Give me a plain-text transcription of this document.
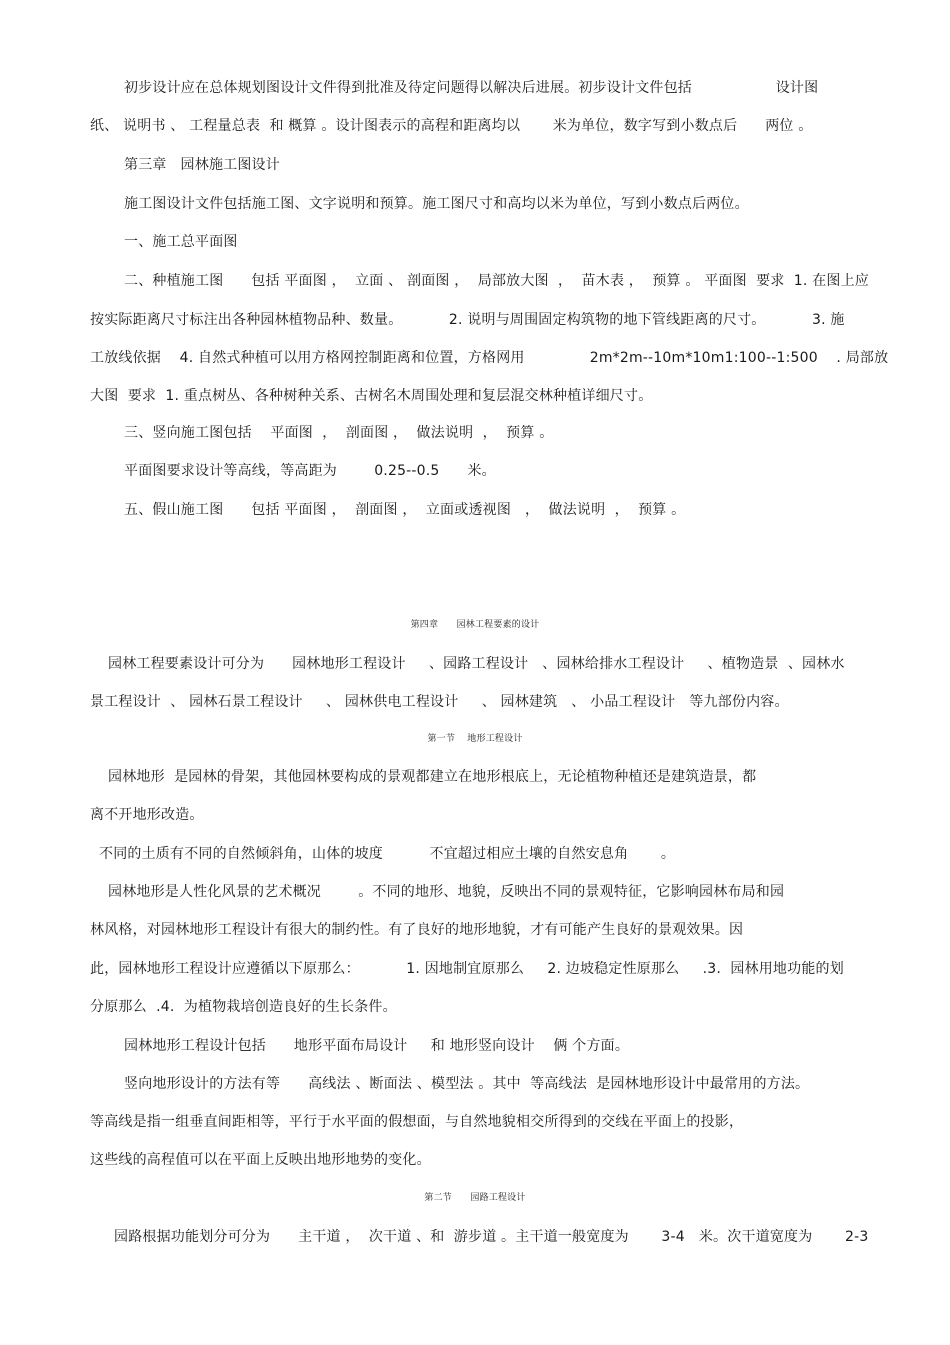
初步设计应在总体规划图设计文件得到批准及待定问题得以解决后进展。初步设计文件包括                  设计图
纸、 说明书 、 工程量总表  和 概算 。设计图表示的高程和距离均以       米为单位，数字写到小数点后      两位 。
第三章   园林施工图设计
施工图设计文件包括施工图、文字说明和预算。施工图尺寸和高均以米为单位，写到小数点后两位。
一、施工总平面图
二、种植施工图      包括 平面图 ，  立面 、 剖面图 ，  局部放大图  ，  苗木表 ，  预算 。 平面图  要求  1. 在图上应
按实际距离尺寸标注出各种园林植物品种、数量。          2. 说明与周围固定构筑物的地下管线距离的尺寸。          3. 施
工放线依据    4. 自然式种植可以用方格网控制距离和位置，方格网用              2m*2m--10m*10m1:100--1:500    . 局部放
大图  要求  1. 重点树丛、各种树种关系、古树名木周围处理和复层混交林种植详细尺寸。
三、竖向施工图包括    平面图  ，  剖面图 ，  做法说明  ，  预算 。
平面图要求设计等高线，等高距为        0.25--0.5      米。
五、假山施工图      包括 平面图 ，  剖面图 ，  立面或透视图   ，  做法说明  ，  预算 。
第四章      园林工程要素的设计
园林工程要素设计可分为      园林地形工程设计     、园路工程设计   、园林给排水工程设计     、植物造景  、园林水
景工程设计  、 园林石景工程设计     、 园林供电工程设计     、 园林建筑   、 小品工程设计   等九部份内容。
第一节    地形工程设计
园林地形  是园林的骨架，其他园林要构成的景观都建立在地形根底上，无论植物种植还是建筑造景，都
离不开地形改造。
不同的土质有不同的自然倾斜角，山体的坡度          不宜超过相应土壤的自然安息角       。
园林地形是人性化风景的艺术概况        。不同的地形、地貌，反映出不同的景观特征，它影响园林布局和园
林风格，对园林地形工程设计有很大的制约性。有了良好的地形地貌，才有可能产生良好的景观效果。因
此，园林地形工程设计应遵循以下原那么：          1. 因地制宜原那么     2. 边坡稳定性原那么     .3.  园林用地功能的划
分原那么  .4.  为植物栽培创造良好的生长条件。
园林地形工程设计包括      地形平面布局设计     和 地形竖向设计    俩 个方面。
竖向地形设计的方法有等      高线法 、断面法 、模型法 。其中  等高线法  是园林地形设计中最常用的方法。
等高线是指一组垂直间距相等，平行于水平面的假想面，与自然地貌相交所得到的交线在平面上的投影，
这些线的高程值可以在平面上反映出地形地势的变化。
第二节      园路工程设计
园路根据功能划分可分为      主干道 ，  次干道 、和  游步道 。主干道一般宽度为       3-4   米。次干道宽度为       2-3
